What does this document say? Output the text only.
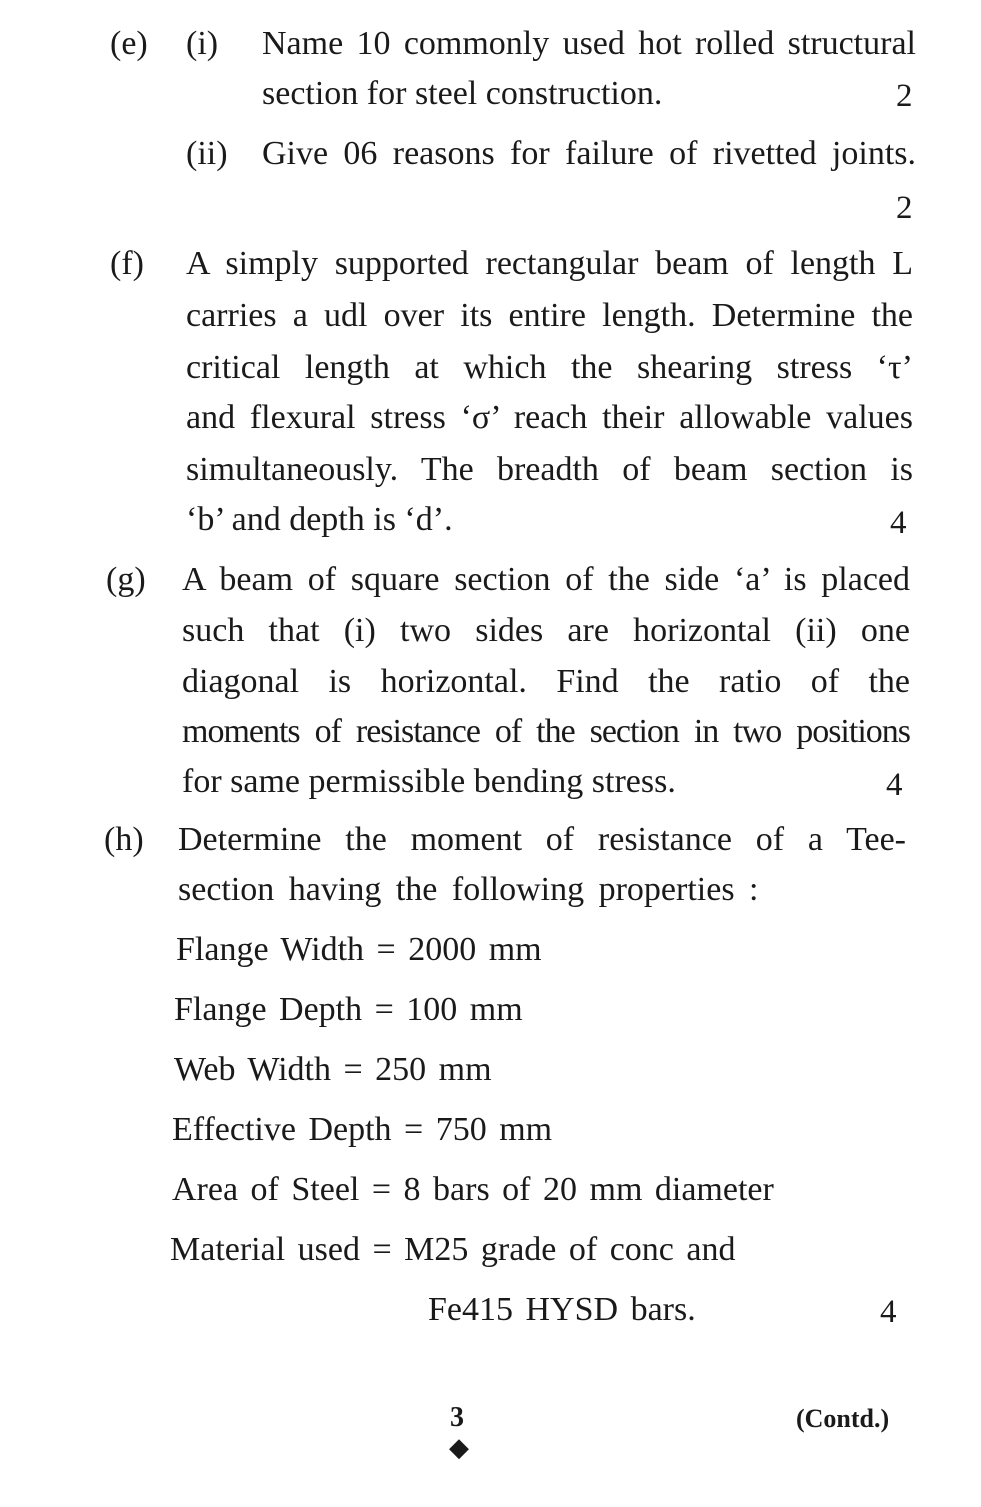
(e) (i) Name 10 commonly used hot rolled structural
section for steel construction.	2
(ii) Give 06 reasons for failure of rivetted joints.
2
(f) A simply supported rectangular beam of length L
carries a udl over its entire length. Determine the
critical length at which the shearing stress ‘τ’
and flexural stress ‘σ’ reach their allowable values
simultaneously. The breadth of beam section is
‘b’ and depth is ‘d’.	4
(g) A beam of square section of the side ‘a’ is placed
such that (i) two sides are horizontal (ii) one
diagonal is horizontal. Find the ratio of the
moments of resistance of the section in two positions
for same permissible bending stress.	4
(h) Determine the moment of resistance of a Tee-
section having the following properties :
Flange Width = 2000 mm
Flange Depth = 100 mm
Web Width = 250 mm
Effective Depth = 750 mm
Area of Steel = 8 bars of 20 mm diameter
Material used = M25 grade of conc and
Fe415 HYSD bars.	4
3
◆
(Contd.)
